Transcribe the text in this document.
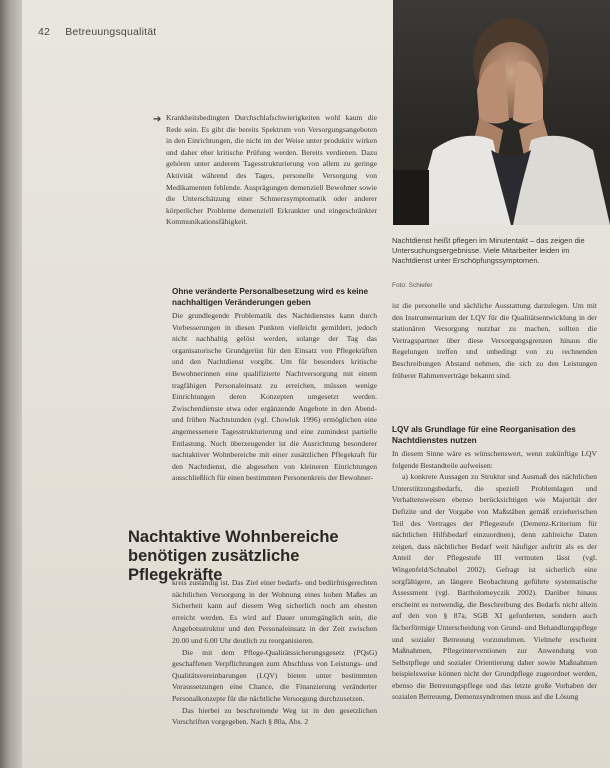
42 Betreuungsqualität
➔ Krankheitsbedingten Durchschlafschwierigkeiten wohl kaum die Rede sein. Es gibt die bereits Spektrum von Versorgungsangeboten in den Einrichtungen, die nicht im der Weise unter produktiv wirken und daher eher kritische Prüfung werden. Bereits verdienen. Dazu gehören unter anderem Tagesstrukturierung von allem zu geringe Aktivität während des Tages, personelle Versorgung von Medikamenten fehlende. Ausprägungen demenziell Bewohner sowie die Unterschätzung einer Schmerzsymptomatik oder anderer körperlicher Probleme demenziell Erkrankter und eingeschränkter Kommunikationsfähigkeit.

Ohne veränderte Personalbesetzung wird es keine nachhaltigen Veränderungen geben

Die grundlegende Problematik des Nachtdienstes kann durch Vorbesserungen in diesen Punkten vielleicht gemildert, jedoch nicht nachhaltig gelöst werden, solange der Tag das organisatorische Grundgerüst für den Einsatz von Pflegekräften und den Nachtdienst vorgibt. Um für besonders kritische Bewohnerinnen eine qualifizierte Nachtversorgung mit einem tragfähigen Personaleinsatz zu erreichen, müssen wenige Einrichtungen deren Konzepten umgesetzt werden. Zwischendienste etwa oder ergänzende Angebote in den Abend- und frühen Nachtstunden (vgl. Chowluk 1996) ermöglichen eine angemessenere Tagesstrukturierung und eine zumindest partielle Entlastung. Noch überzeugender ist die Ausrichtung besonderer nachtaktiver Wohnbereiche mit einer zusätzlichen Pflegekraft für den Nachtdienst, die abgesehen von kleineren Einrichtungen ausschließlich für einen bestimmten Personenkreis der Bewohner-

Nachtaktive Wohnbereiche benötigen zusätzliche Pflegekräfte

kreis zuständig ist. Das Ziel einer bedarfs- und bedürfnisgerechten nächtlichen Versorgung in der Wohnung eines hohen Maßes an Sicherheit kann auf diesem Weg sicherlich noch am ehesten erreicht werden. Es wird auf Dauer unumgänglich sein, die Angebotsstruktur und den Personaleinsatz in der Zeit zwischen 20.00 und 6.00 Uhr deutlich zu reorganisieren.

Die mit dem Pflege-Qualitätssicherungsgesetz (PQsG) geschaffenen Verpflichtungen zum Abschluss von Leistungs- und Qualitätsvereinbarungen (LQV) bieten unter bestimmten Voraussetzungen eine Chance, die Finanzierung veränderter Personalkonzepte für die nächtliche Versorgung durchzusetzen.

Das hierbei zu beschreitende Weg ist in den gesetzlichen Vorschriften vorgegeben. Nach § 80a, Abs. 2

Nachtdienst heißt pflegen im Minutentakt – das zeigen die Untersuchungsergebnisse. Viele Mitarbeiter leiden im Nachtdienst unter Erschöpfungssymptomen.
Foto: Schiefer

ist die personelle und sächliche Ausstattung darzulegen. Um mit den Instrumentarium der LQV für die Qualitätsentwicklung in der stationären Versorgung nutzbar zu machen, sollten die Vertragspartner über diese Versorgungsgrenzen hinaus die Regelungen treffen und unbedingt von zu rechnenden Beschreibungen Abstand nehmen, die sich zu den Leistungen früherer Rahmenverträge bekannt sind.

LQV als Grundlage für eine Reorganisation des Nachtdienstes nutzen

In diesem Sinne wäre es wünschenswert, wenn zukünftige LQV folgende Bestandteile aufweisen:

a) konkrete Aussagen zu Struktur und Ausmaß des nächtlichen Unterstützungsbedarfs, die speziell Problemlagen und Verhaltensweisen ebenso berücksichtigen wie Majorität der Defizite und der Vorgabe von Maßstäben gemäß erzieherischen Teil des Vertrages der Pflegestufe (Demenz-Kriterium für nächtlichen Hilfsbedarf einzuordnen), denn zahlreiche Daten zeigen, dass nächtlicher Bedarf weit häufiger auftritt als es der Anteil der Pflegestufe III vermuten lässt (vgl. Wingenfeld/Schnabel 2002). Gefragt ist sicherlich eine sorgfältigere, an längere Beobachtung geführte systematische Assessment (vgl. Bartholomeyczik 2002). Darüber hinaus erscheint es notwendig, die Beschreibung des Bedarfs nicht allein auf den von § 87a, SGB XI geforderten, sondern auch fächerförmige Unterscheidung von Grund- und Behandlungspflege und sozialer Betreuung vorzunehmen. Vielmehr erscheint Maßnahmen, Pflegeinterventionen zur Anwendung von Selbstpflege und sozialer Orientierung daher sowie Maßnahmen beispielsweise können nicht der Grundpflege zugeordnet werden, ebenso die Betreuungspflege und das letzte große Vorhaben der sozialen Betreuung, Demenzsyndromen muss auf die Lösung
